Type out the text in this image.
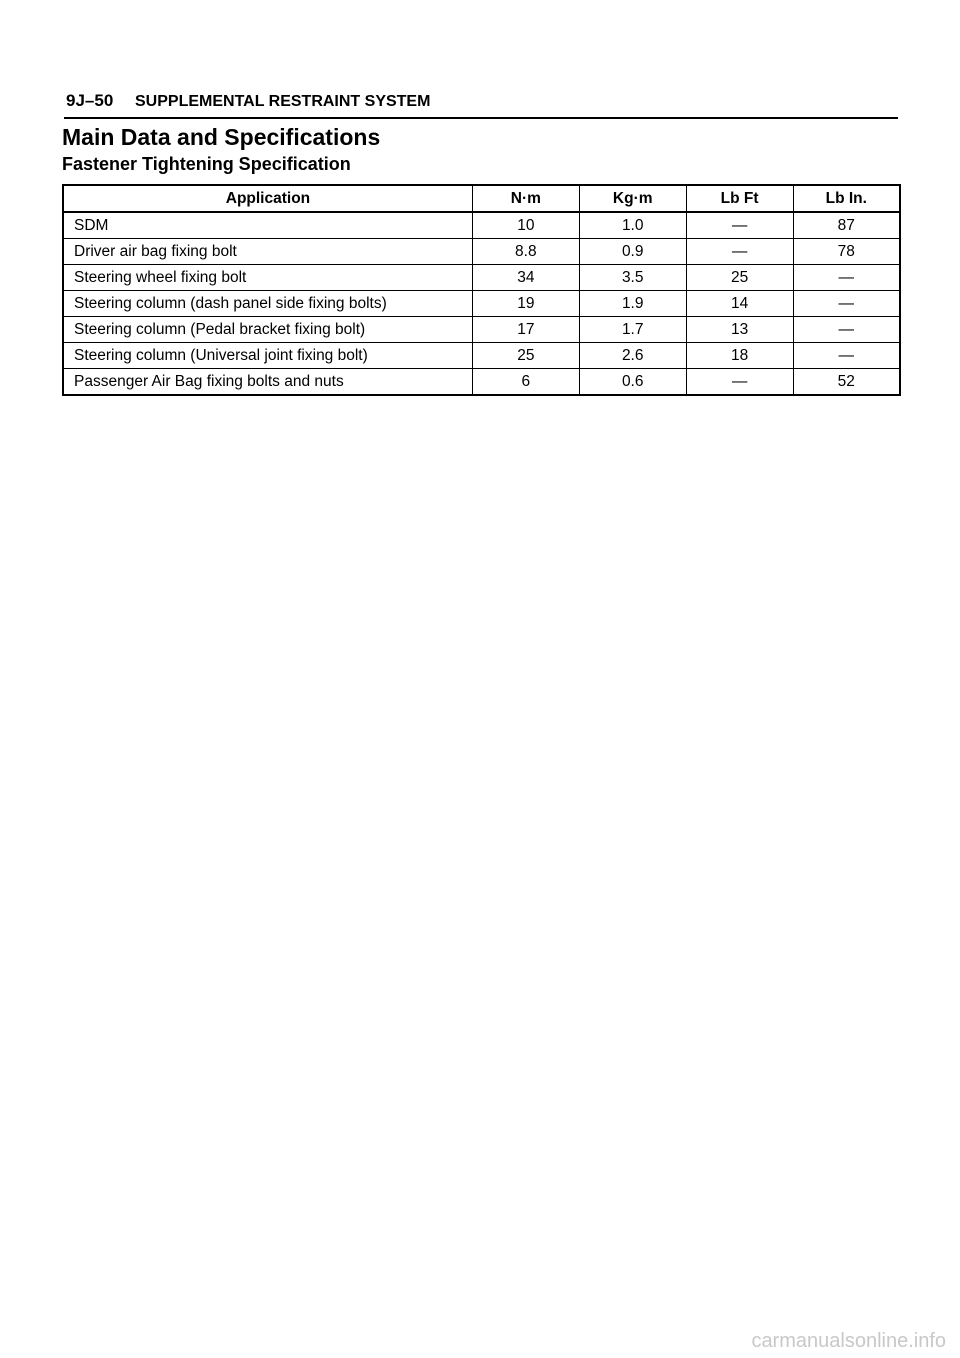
9J–50 SUPPLEMENTAL RESTRAINT SYSTEM
Main Data and Specifications
Fastener Tightening Specification
Application	N·m	Kg·m	Lb Ft	Lb In.
SDM	10	1.0	—	87
Driver air bag fixing bolt	8.8	0.9	—	78
Steering wheel fixing bolt	34	3.5	25	—
Steering column (dash panel side fixing bolts)	19	1.9	14	—
Steering column (Pedal bracket fixing bolt)	17	1.7	13	—
Steering column (Universal joint fixing bolt)	25	2.6	18	—
Passenger Air Bag fixing bolts and nuts	6	0.6	—	52
carmanualsonline.info
